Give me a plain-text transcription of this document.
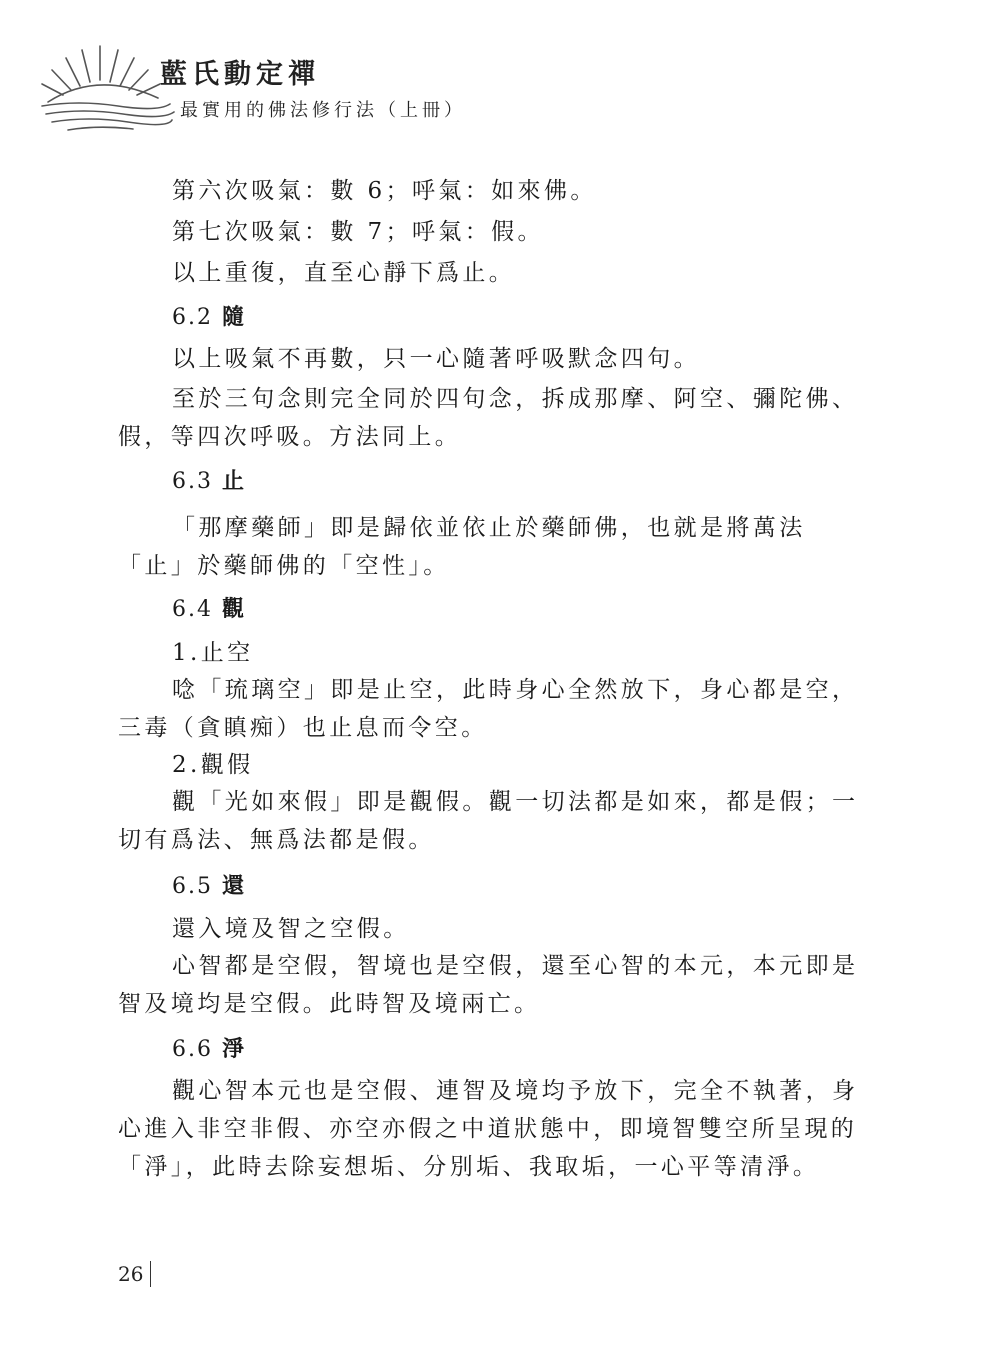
藍氏動定禪
最實用的佛法修行法（上冊）

第六次吸氣：數 6；呼氣：如來佛。

第七次吸氣：數 7；呼氣：假。

以上重復，直至心靜下爲止。

6.2 隨

以上吸氣不再數，只一心隨著呼吸默念四句。

至於三句念則完全同於四句念，拆成那摩、阿空、彌陀佛、假，等四次呼吸。方法同上。

6.3 止

「那摩藥師」即是歸依並依止於藥師佛，也就是將萬法「止」於藥師佛的「空性」。

6.4 觀

1.止空

唸「琉璃空」即是止空，此時身心全然放下，身心都是空，三毒（貪瞋痴）也止息而令空。

2.觀假

觀「光如來假」即是觀假。觀一切法都是如來，都是假；一切有爲法、無爲法都是假。

6.5 還

還入境及智之空假。

心智都是空假，智境也是空假，還至心智的本元，本元即是智及境均是空假。此時智及境兩亡。

6.6 淨

觀心智本元也是空假、連智及境均予放下，完全不執著，身心進入非空非假、亦空亦假之中道狀態中，即境智雙空所呈現的「淨」，此時去除妄想垢、分別垢、我取垢，一心平等清淨。

26
